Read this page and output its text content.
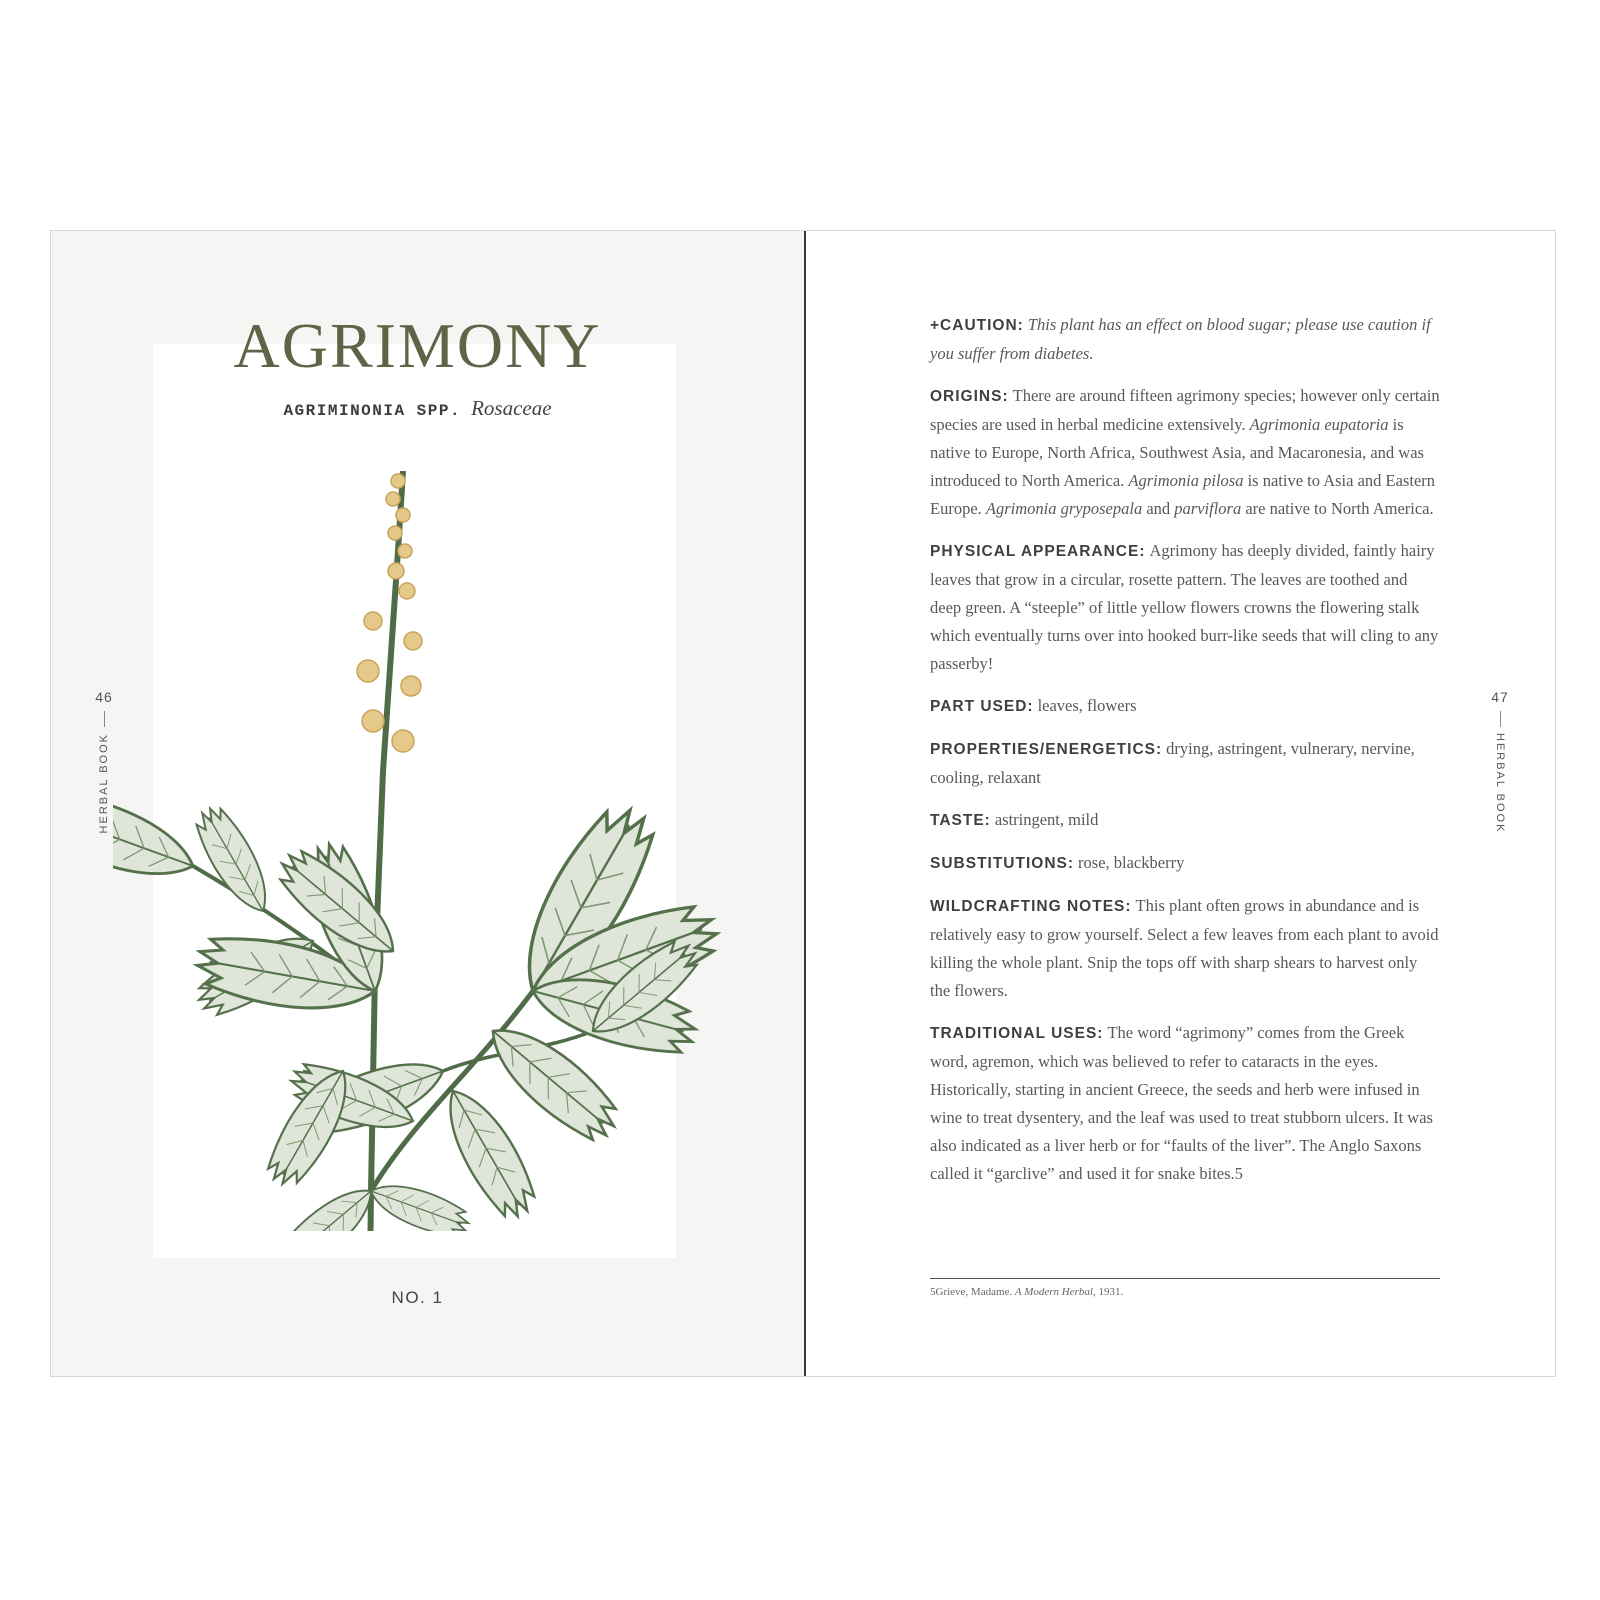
AGRIMONY
AGRIMINONIA SPP. Rosaceae
NO. 1
46
HERBAL BOOK

+CAUTION: This plant has an effect on blood sugar; please use caution if you suffer from diabetes.

ORIGINS: There are around fifteen agrimony species; however only certain species are used in herbal medicine extensively. Agrimonia eupatoria is native to Europe, North Africa, Southwest Asia, and Macaronesia, and was introduced to North America. Agrimonia pilosa is native to Asia and Eastern Europe. Agrimonia gryposepala and parviflora are native to North America.

PHYSICAL APPEARANCE: Agrimony has deeply divided, faintly hairy leaves that grow in a circular, rosette pattern. The leaves are toothed and deep green. A “steeple” of little yellow flowers crowns the flowering stalk which eventually turns over into hooked burr-like seeds that will cling to any passerby!

PART USED: leaves, flowers

PROPERTIES/ENERGETICS: drying, astringent, vulnerary, nervine, cooling, relaxant

TASTE: astringent, mild

SUBSTITUTIONS: rose, blackberry

WILDCRAFTING NOTES: This plant often grows in abundance and is relatively easy to grow yourself. Select a few leaves from each plant to avoid killing the whole plant. Snip the tops off with sharp shears to harvest only the flowers.

TRADITIONAL USES: The word “agrimony” comes from the Greek word, agremon, which was believed to refer to cataracts in the eyes. Historically, starting in ancient Greece, the seeds and herb were infused in wine to treat dysentery, and the leaf was used to treat stubborn ulcers. It was also indicated as a liver herb or for “faults of the liver”. The Anglo Saxons called it “garclive” and used it for snake bites.5

5Grieve, Madame. A Modern Herbal, 1931.
47
HERBAL BOOK
